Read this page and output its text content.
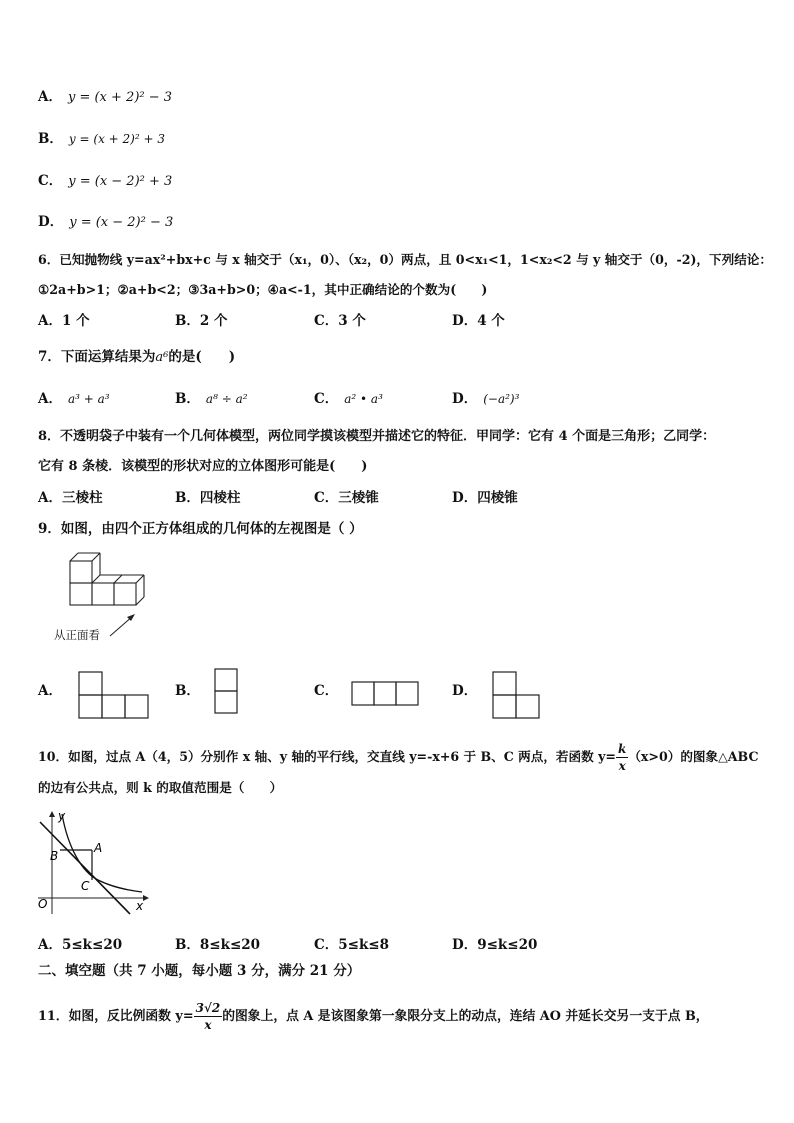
A． y = (x + 2)² − 3
B． y = (x + 2)² + 3
C． y = (x − 2)² + 3
D． y = (x − 2)² − 3
6．已知抛物线 y=ax²+bx+c 与 x 轴交于（x₁，0）、（x₂，0）两点，且 0<x₁<1，1<x₂<2 与 y 轴交于（0，-2)，下列结论：
①2a+b>1；②a+b<2；③3a+b>0；④a<-1，其中正确结论的个数为(　　)
A．1 个	B．2 个	C．3 个	D．4 个
7．下面运算结果为a⁶的是(　　)
A． a³ + a³	B． a⁸ ÷ a²	C． a² • a³	D． (−a²)³
8．不透明袋子中装有一个几何体模型，两位同学摸该模型并描述它的特征．甲同学：它有 4 个面是三角形；乙同学：
它有 8 条棱．该模型的形状对应的立体图形可能是(　　)
A．三棱柱	B．四棱柱	C．三棱锥	D．四棱锥
9．如图，由四个正方体组成的几何体的左视图是（ ）
从正面看
A．	B．	C．	D．
10．如图，过点 A（4，5）分别作 x 轴、y 轴的平行线，交直线 y=-x+6 于 B、C 两点，若函数 $y= \frac{k}{x} (x>0)$的图象△ABC
的边有公共点，则 k 的取值范围是（　　）
x
y
O
A
B
C
A．5≤k≤20	B．8≤k≤20	C．5≤k≤8	D．9≤k≤20
二、填空题（共 7 小题，每小题 3 分，满分 21 分）
11．如图，反比例函数 $y= \frac{3√2}{x}$ 的图象上，点 A 是该图象第一象限分支上的动点，连结 AO 并延长交另一支于点 B，
